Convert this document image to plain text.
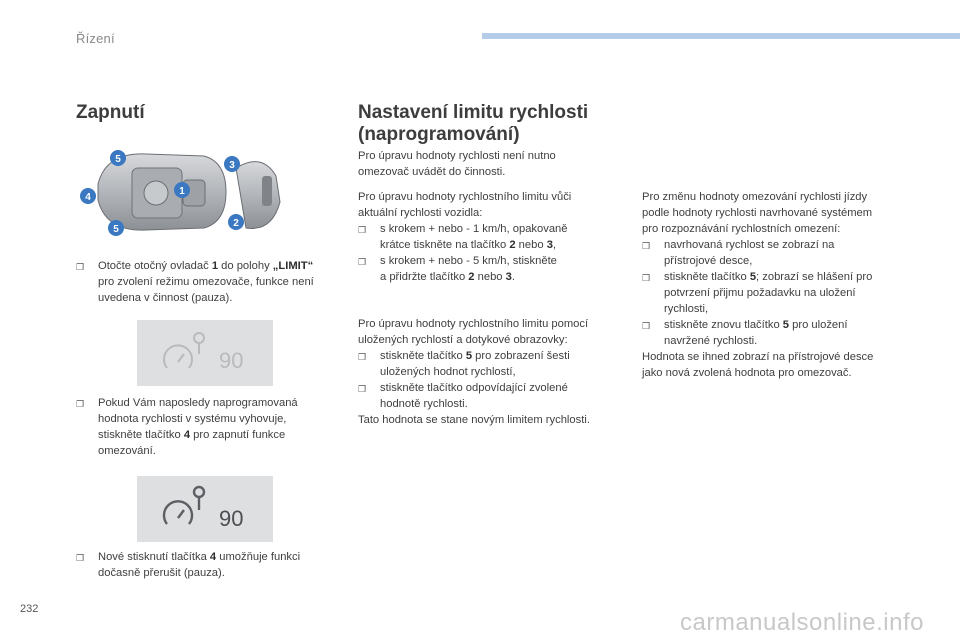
Řízení
Zapnutí
5
4
5
1
3
2
❒	Otočte otočný ovladač 1 do polohy „LIMIT“
pro zvolení režimu omezovače, funkce není
uvedena v činnost (pauza).
90
❒	Pokud Vám naposledy naprogramovaná
hodnota rychlosti v systému vyhovuje,
stiskněte tlačítko 4 pro zapnutí funkce
omezování.
90
❒	Nové stisknutí tlačítka 4 umožňuje funkci
dočasně přerušit (pauza).
Nastavení limitu rychlosti
(naprogramování)
Pro úpravu hodnoty rychlosti není nutno
omezovač uvádět do činnosti.
Pro úpravu hodnoty rychlostního limitu vůči
aktuální rychlosti vozidla:
❒	s krokem + nebo - 1 km/h, opakovaně
krátce tiskněte na tlačítko 2 nebo 3,
❒	s krokem + nebo - 5 km/h, stiskněte
a přidržte tlačítko 2 nebo 3.
Pro úpravu hodnoty rychlostního limitu pomocí
uložených rychlostí a dotykové obrazovky:
❒	stiskněte tlačítko 5 pro zobrazení šesti
uložených hodnot rychlostí,
❒	stiskněte tlačítko odpovídající zvolené
hodnotě rychlosti.
Tato hodnota se stane novým limitem rychlosti.
Pro změnu hodnoty omezování rychlosti jízdy
podle hodnoty rychlosti navrhované systémem
pro rozpoznávání rychlostních omezení:
❒	navrhovaná rychlost se zobrazí na
přístrojové desce,
❒	stiskněte tlačítko 5; zobrazí se hlášení pro
potvrzení přijmu požadavku na uložení
rychlosti,
❒	stiskněte znovu tlačítko 5 pro uložení
navržené rychlosti.
Hodnota se ihned zobrazí na přístrojové desce
jako nová zvolená hodnota pro omezovač.
232	carmanualsonline.info
